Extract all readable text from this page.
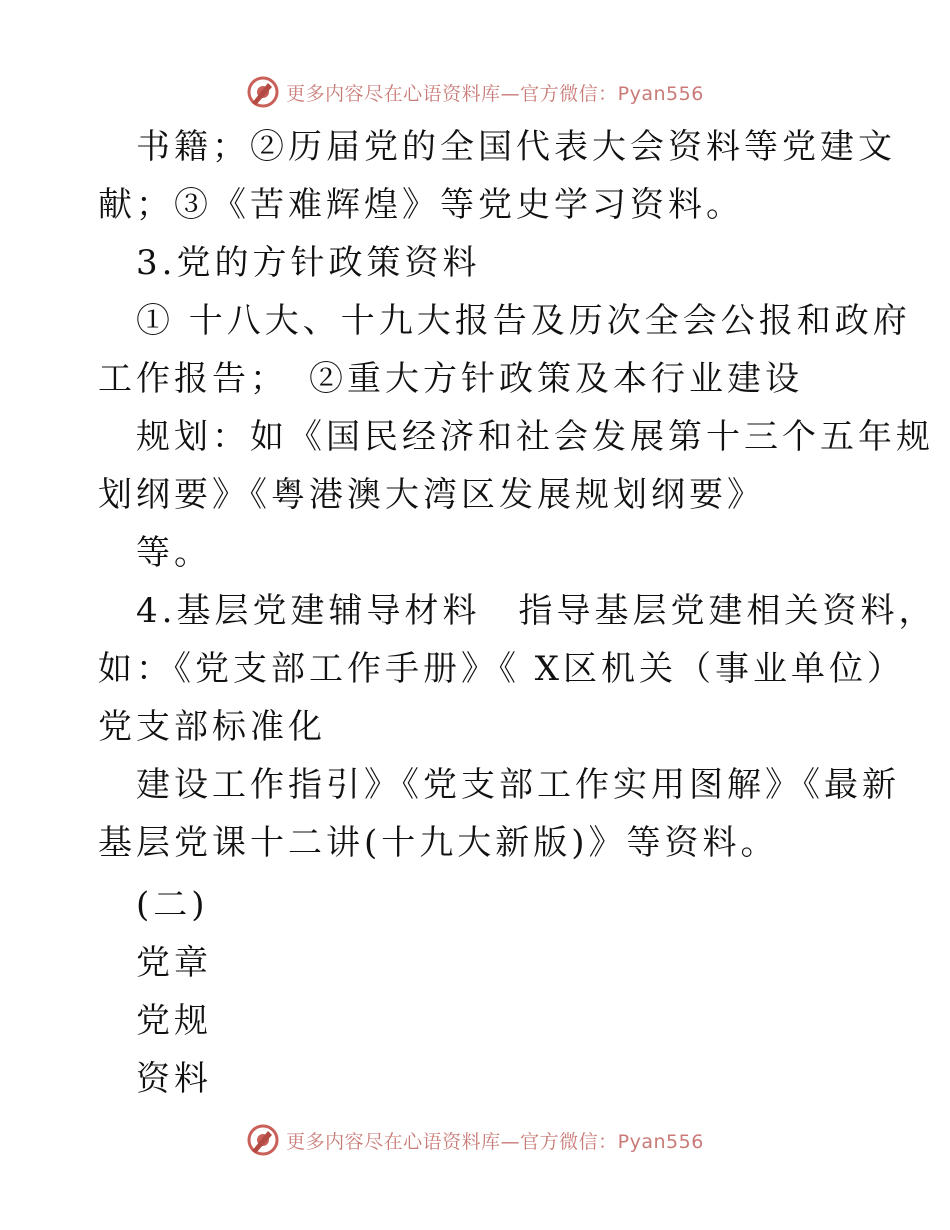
更多内容尽在心语资料库—官方微信：Pyan556
书籍；②历届党的全国代表大会资料等党建文
献；③《苦难辉煌》等党史学习资料。
3.党的方针政策资料
① 十八大、十九大报告及历次全会公报和政府
工作报告；　②重大方针政策及本行业建设
规划：如《国民经济和社会发展第十三个五年规
划纲要》《粤港澳大湾区发展规划纲要》
等。
4.基层党建辅导材料　指导基层党建相关资料，
如：《党支部工作手册》《 X区机关（事业单位）
党支部标准化
建设工作指引》《党支部工作实用图解》《最新
基层党课十二讲(十九大新版)》等资料。
(二)
党章
党规
资料
更多内容尽在心语资料库—官方微信：Pyan556
